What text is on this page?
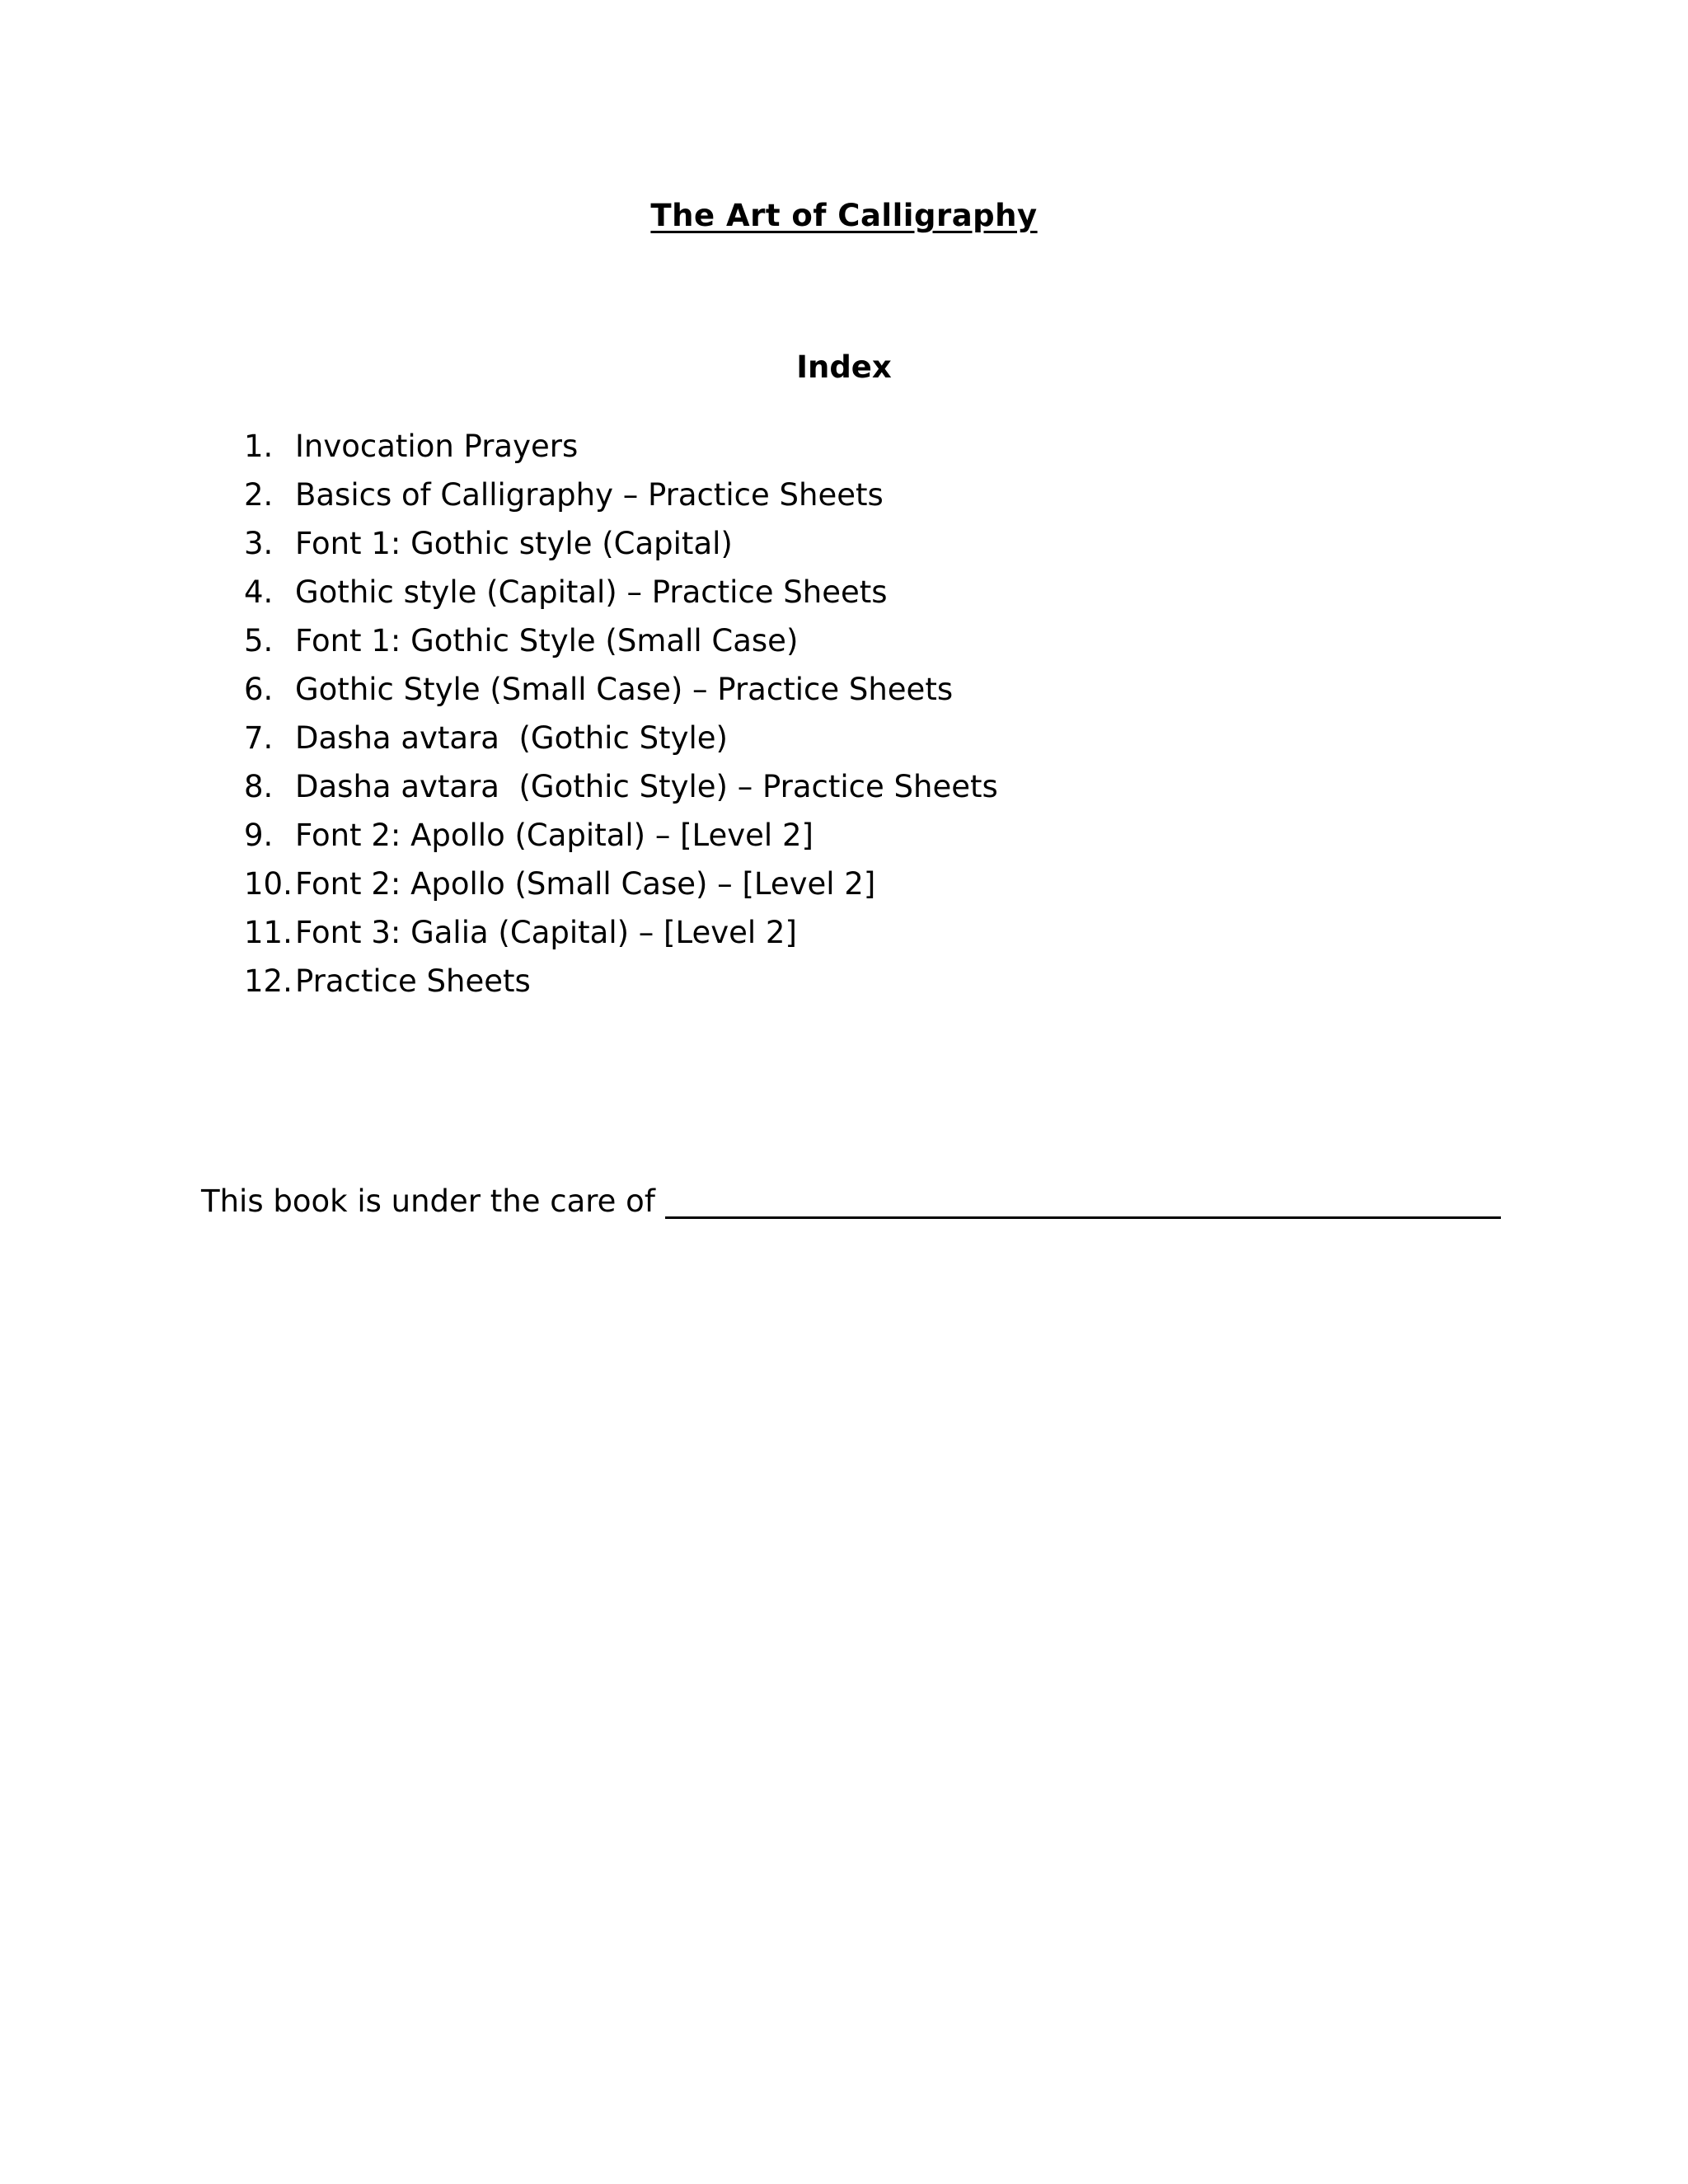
The Art of Calligraphy
Index
1. Invocation Prayers
2. Basics of Calligraphy – Practice Sheets
3. Font 1: Gothic style (Capital)
4. Gothic style (Capital) – Practice Sheets
5. Font 1: Gothic Style (Small Case)
6. Gothic Style (Small Case) – Practice Sheets
7. Dasha avtara  (Gothic Style)
8. Dasha avtara  (Gothic Style) – Practice Sheets
9. Font 2: Apollo (Capital) – [Level 2]
10. Font 2: Apollo (Small Case) – [Level 2]
11. Font 3: Galia (Capital) – [Level 2]
12. Practice Sheets
This book is under the care of
